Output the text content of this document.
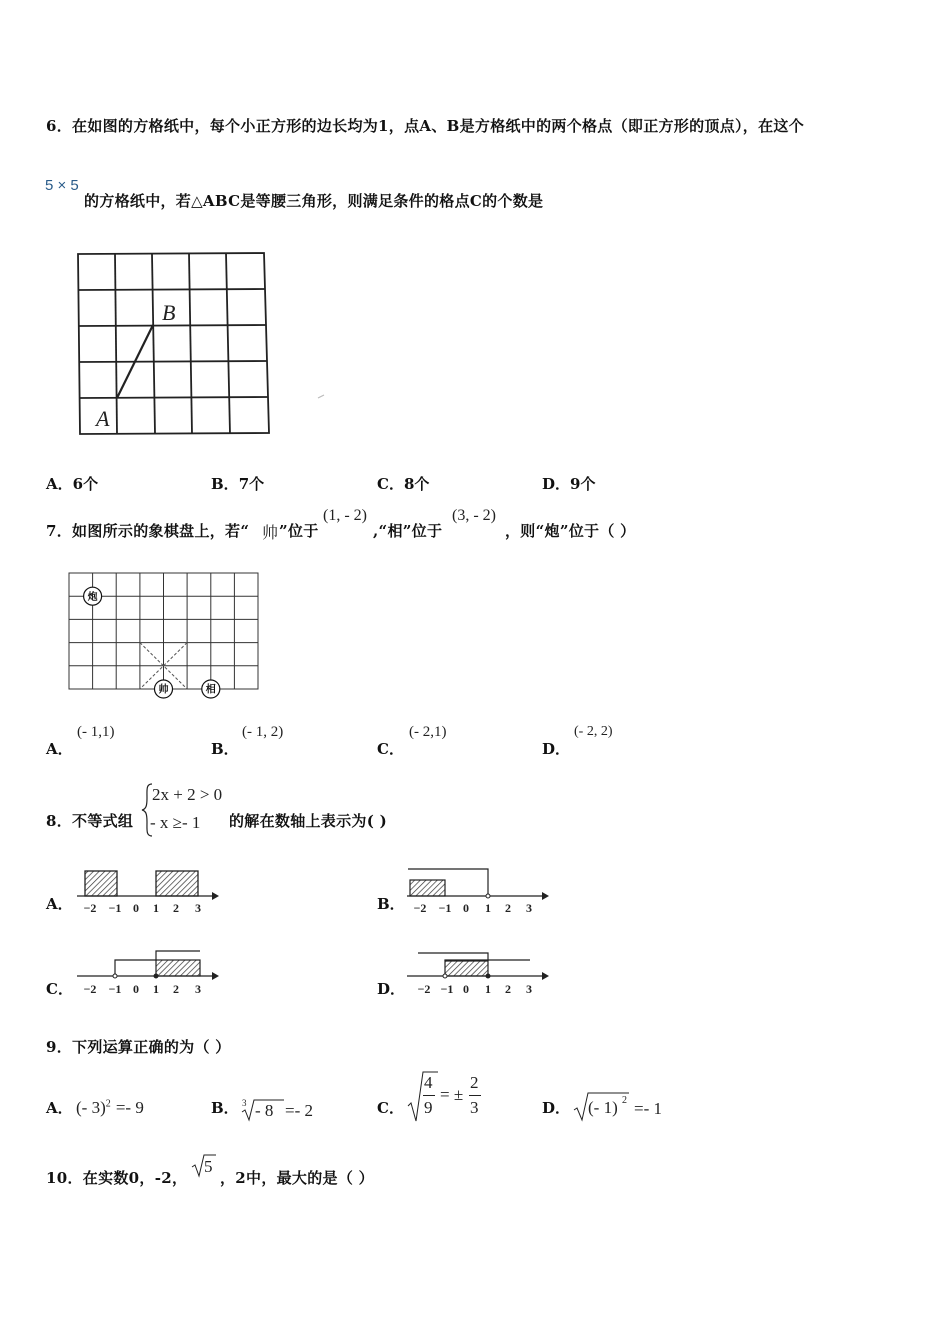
6．在如图的方格纸中，每个小正方形的边长均为1，点A、B是方格纸中的两个格点（即正方形的顶点），在这个
5 × 5
的方格纸中，若△ABC是等腰三角形，则满足条件的格点C的个数是
B
A
A．6个	B．7个	C．8个	D．9个
7．如图所示的象棋盘上，若“ 帅 ”位于
(1, - 2)
,“相”位于
(3, - 2)
，则“炮”位于（ ）
炮
帅	相
A．
(- 1,1)
B．
(- 1, 2)
C．
(- 2,1)
D．
(- 2, 2)
8．不等式组
2x + 2 > 0
- x ≥- 1 的解在数轴上表示为( )
A． −2 −1 0 1 2 3	B． −2 −1 0 1 2 3
C． −2 −1 0 1 2 3	D． −2 −1 0 1 2 3
9．下列运算正确的为（ ）
A． (- 3)$^2$ =- 9	B． 3 - 8 =- 2	C．
4
9
= ±
2
3	D． (- 1) 2 =- 1
10．在实数0，-2，
5
，2中，最大的是（ ）
